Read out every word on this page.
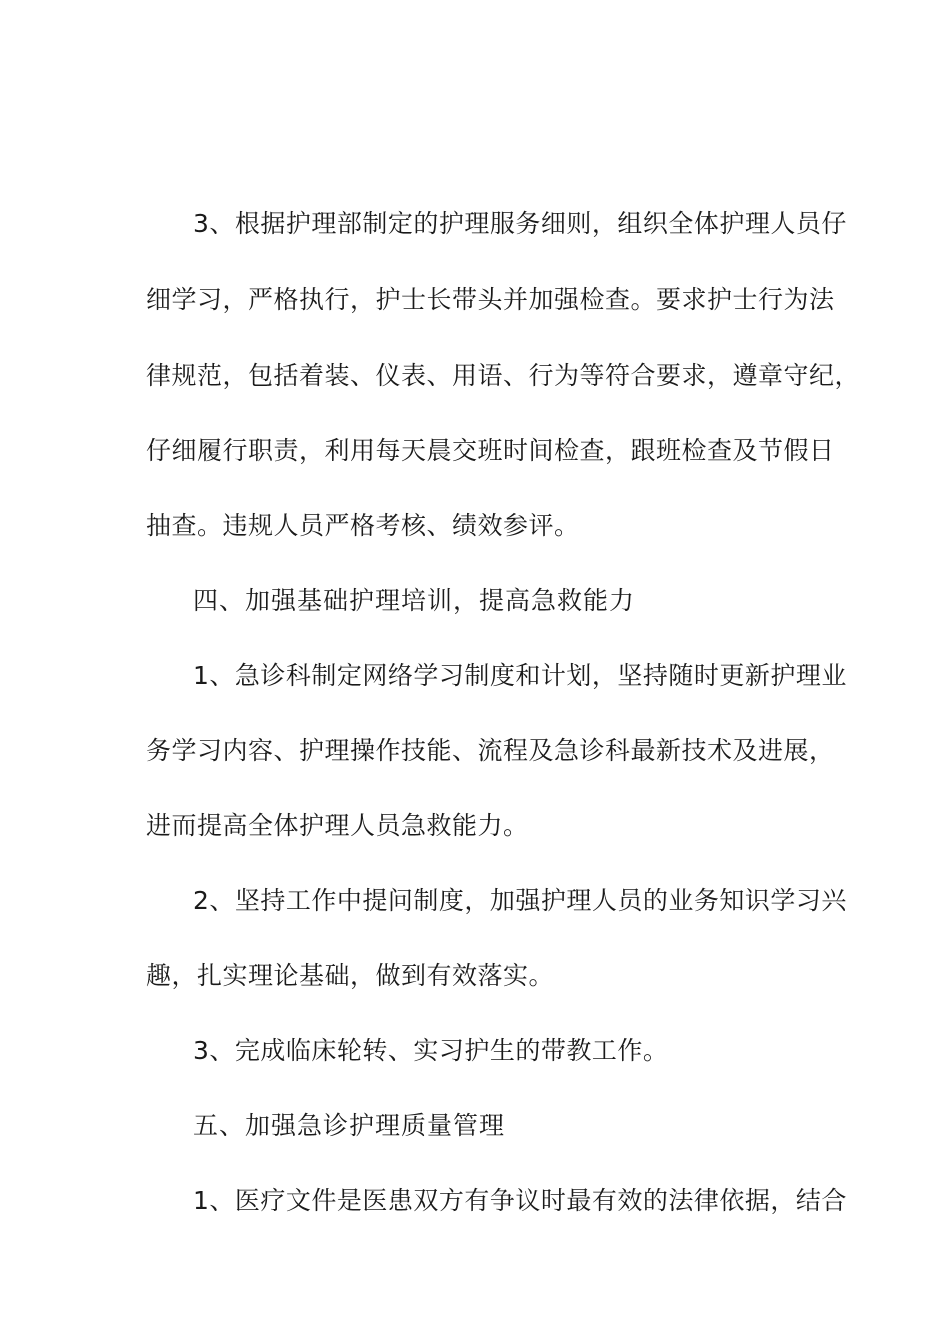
3、根据护理部制定的护理服务细则，组织全体护理人员仔
细学习，严格执行，护士长带头并加强检查。要求护士行为法
律规范，包括着装、仪表、用语、行为等符合要求，遵章守纪，
仔细履行职责，利用每天晨交班时间检查，跟班检查及节假日
抽查。违规人员严格考核、绩效参评。
四、加强基础护理培训，提高急救能力
1、急诊科制定网络学习制度和计划，坚持随时更新护理业
务学习内容、护理操作技能、流程及急诊科最新技术及进展，
进而提高全体护理人员急救能力。
2、坚持工作中提问制度，加强护理人员的业务知识学习兴
趣，扎实理论基础，做到有效落实。
3、完成临床轮转、实习护生的带教工作。
五、加强急诊护理质量管理
1、医疗文件是医患双方有争议时最有效的法律依据，结合
